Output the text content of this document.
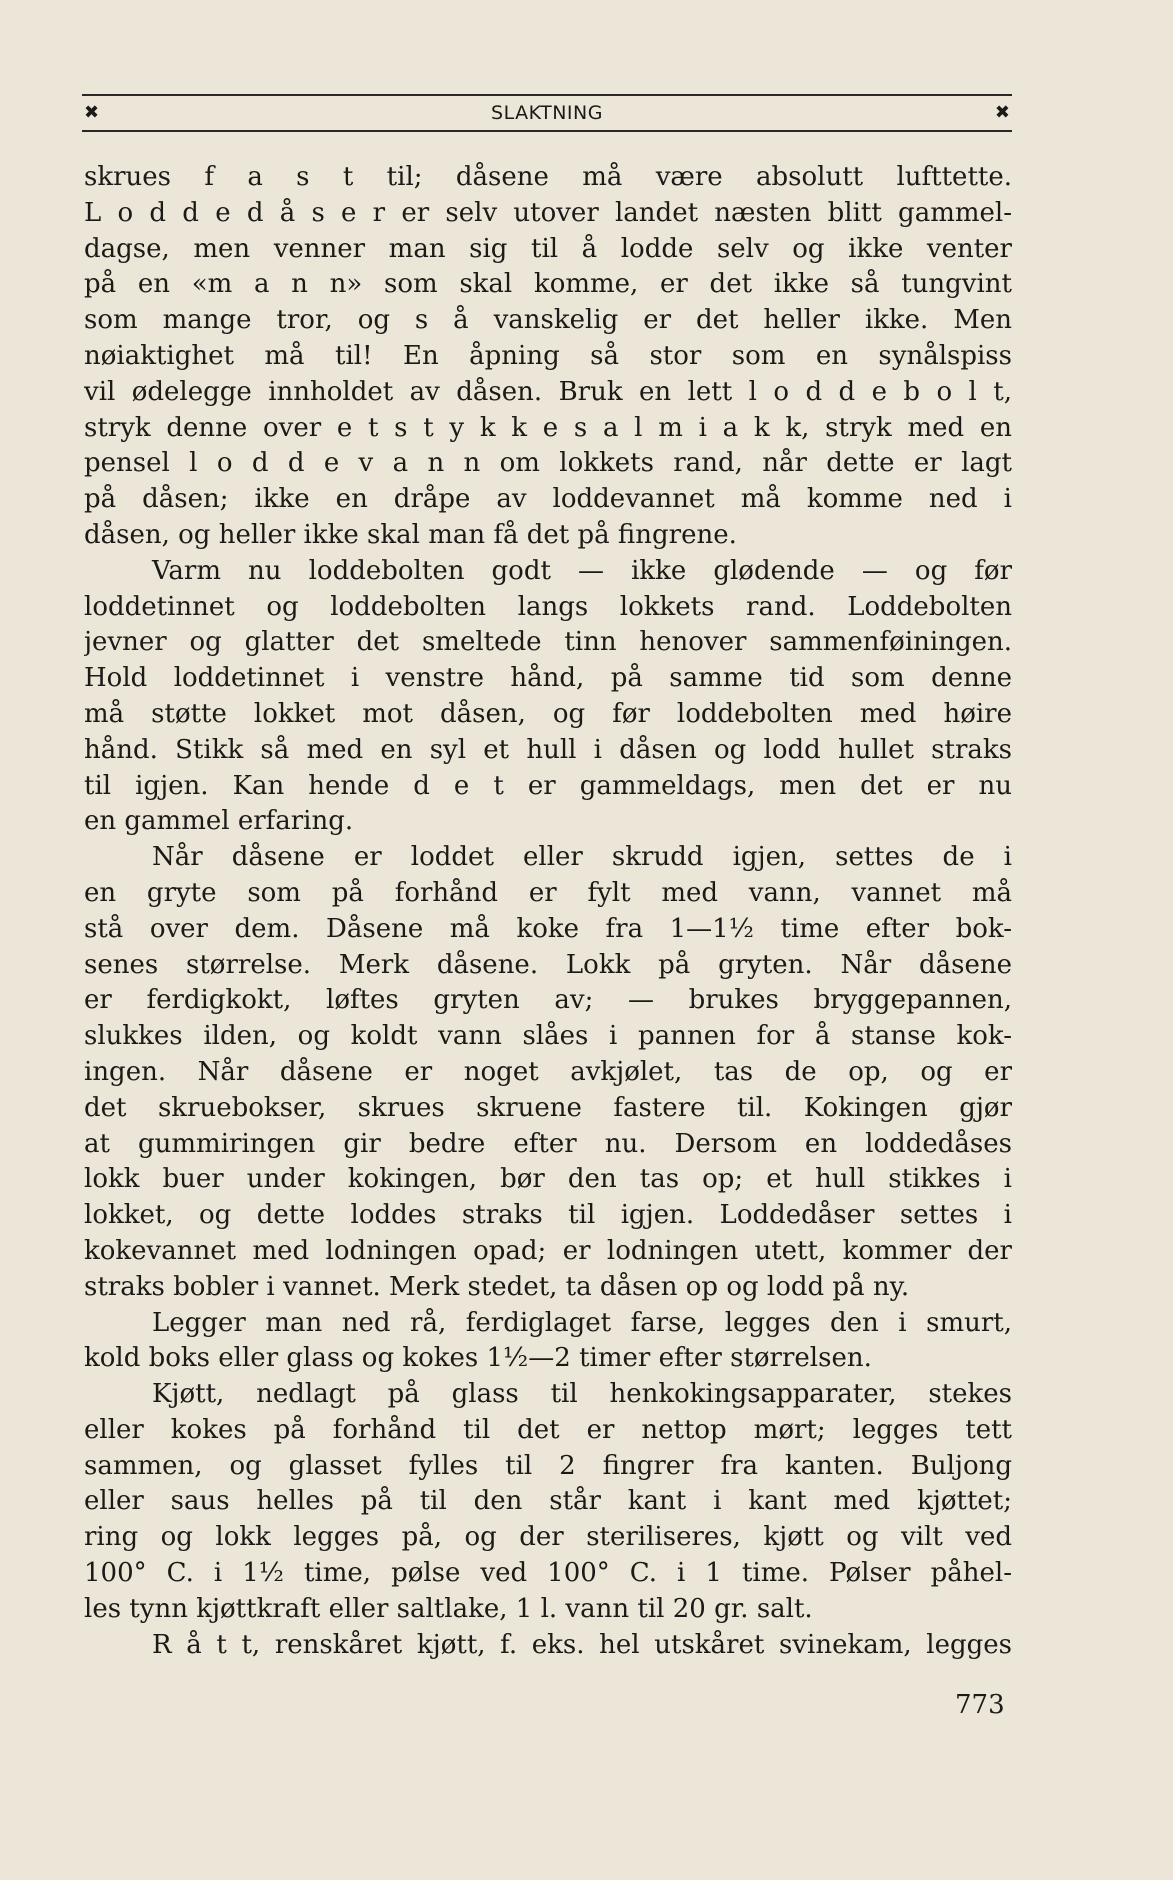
✖	SLAKTNING	✖
skrues f a s t til; dåsene må være absolutt lufttette.
L o d d e d å s e r er selv utover landet næsten blitt gammel-
dagse, men venner man sig til å lodde selv og ikke venter
på en «m a n n» som skal komme, er det ikke så tungvint
som mange tror, og s å vanskelig er det heller ikke. Men
nøiaktighet må til! En åpning så stor som en synålspiss
vil ødelegge innholdet av dåsen. Bruk en lett l o d d e b o l t,
stryk denne over e t s t y k k e s a l m i a k k, stryk med en
pensel l o d d e v a n n om lokkets rand, når dette er lagt
på dåsen; ikke en dråpe av loddevannet må komme ned i
dåsen, og heller ikke skal man få det på fingrene.
Varm nu loddebolten godt — ikke glødende — og før
loddetinnet og loddebolten langs lokkets rand. Loddebolten
jevner og glatter det smeltede tinn henover sammenføiningen.
Hold loddetinnet i venstre hånd, på samme tid som denne
må støtte lokket mot dåsen, og før loddebolten med høire
hånd. Stikk så med en syl et hull i dåsen og lodd hullet straks
til igjen. Kan hende d e t er gammeldags, men det er nu
en gammel erfaring.
Når dåsene er loddet eller skrudd igjen, settes de i
en gryte som på forhånd er fylt med vann, vannet må
stå over dem. Dåsene må koke fra 1—1½ time efter bok-
senes størrelse. Merk dåsene. Lokk på gryten. Når dåsene
er ferdigkokt, løftes gryten av; — brukes bryggepannen,
slukkes ilden, og koldt vann slåes i pannen for å stanse kok-
ingen. Når dåsene er noget avkjølet, tas de op, og er
det skruebokser, skrues skruene fastere til. Kokingen gjør
at gummiringen gir bedre efter nu. Dersom en loddedåses
lokk buer under kokingen, bør den tas op; et hull stikkes i
lokket, og dette loddes straks til igjen. Loddedåser settes i
kokevannet med lodningen opad; er lodningen utett, kommer der
straks bobler i vannet. Merk stedet, ta dåsen op og lodd på ny.
Legger man ned rå, ferdiglaget farse, legges den i smurt,
kold boks eller glass og kokes 1½—2 timer efter størrelsen.
Kjøtt, nedlagt på glass til henkokingsapparater, stekes
eller kokes på forhånd til det er nettop mørt; legges tett
sammen, og glasset fylles til 2 fingrer fra kanten. Buljong
eller saus helles på til den står kant i kant med kjøttet;
ring og lokk legges på, og der steriliseres, kjøtt og vilt ved
100° C. i 1½ time, pølse ved 100° C. i 1 time. Pølser påhel-
les tynn kjøttkraft eller saltlake, 1 l. vann til 20 gr. salt.
R å t t, renskåret kjøtt, f. eks. hel utskåret svinekam, legges
773
